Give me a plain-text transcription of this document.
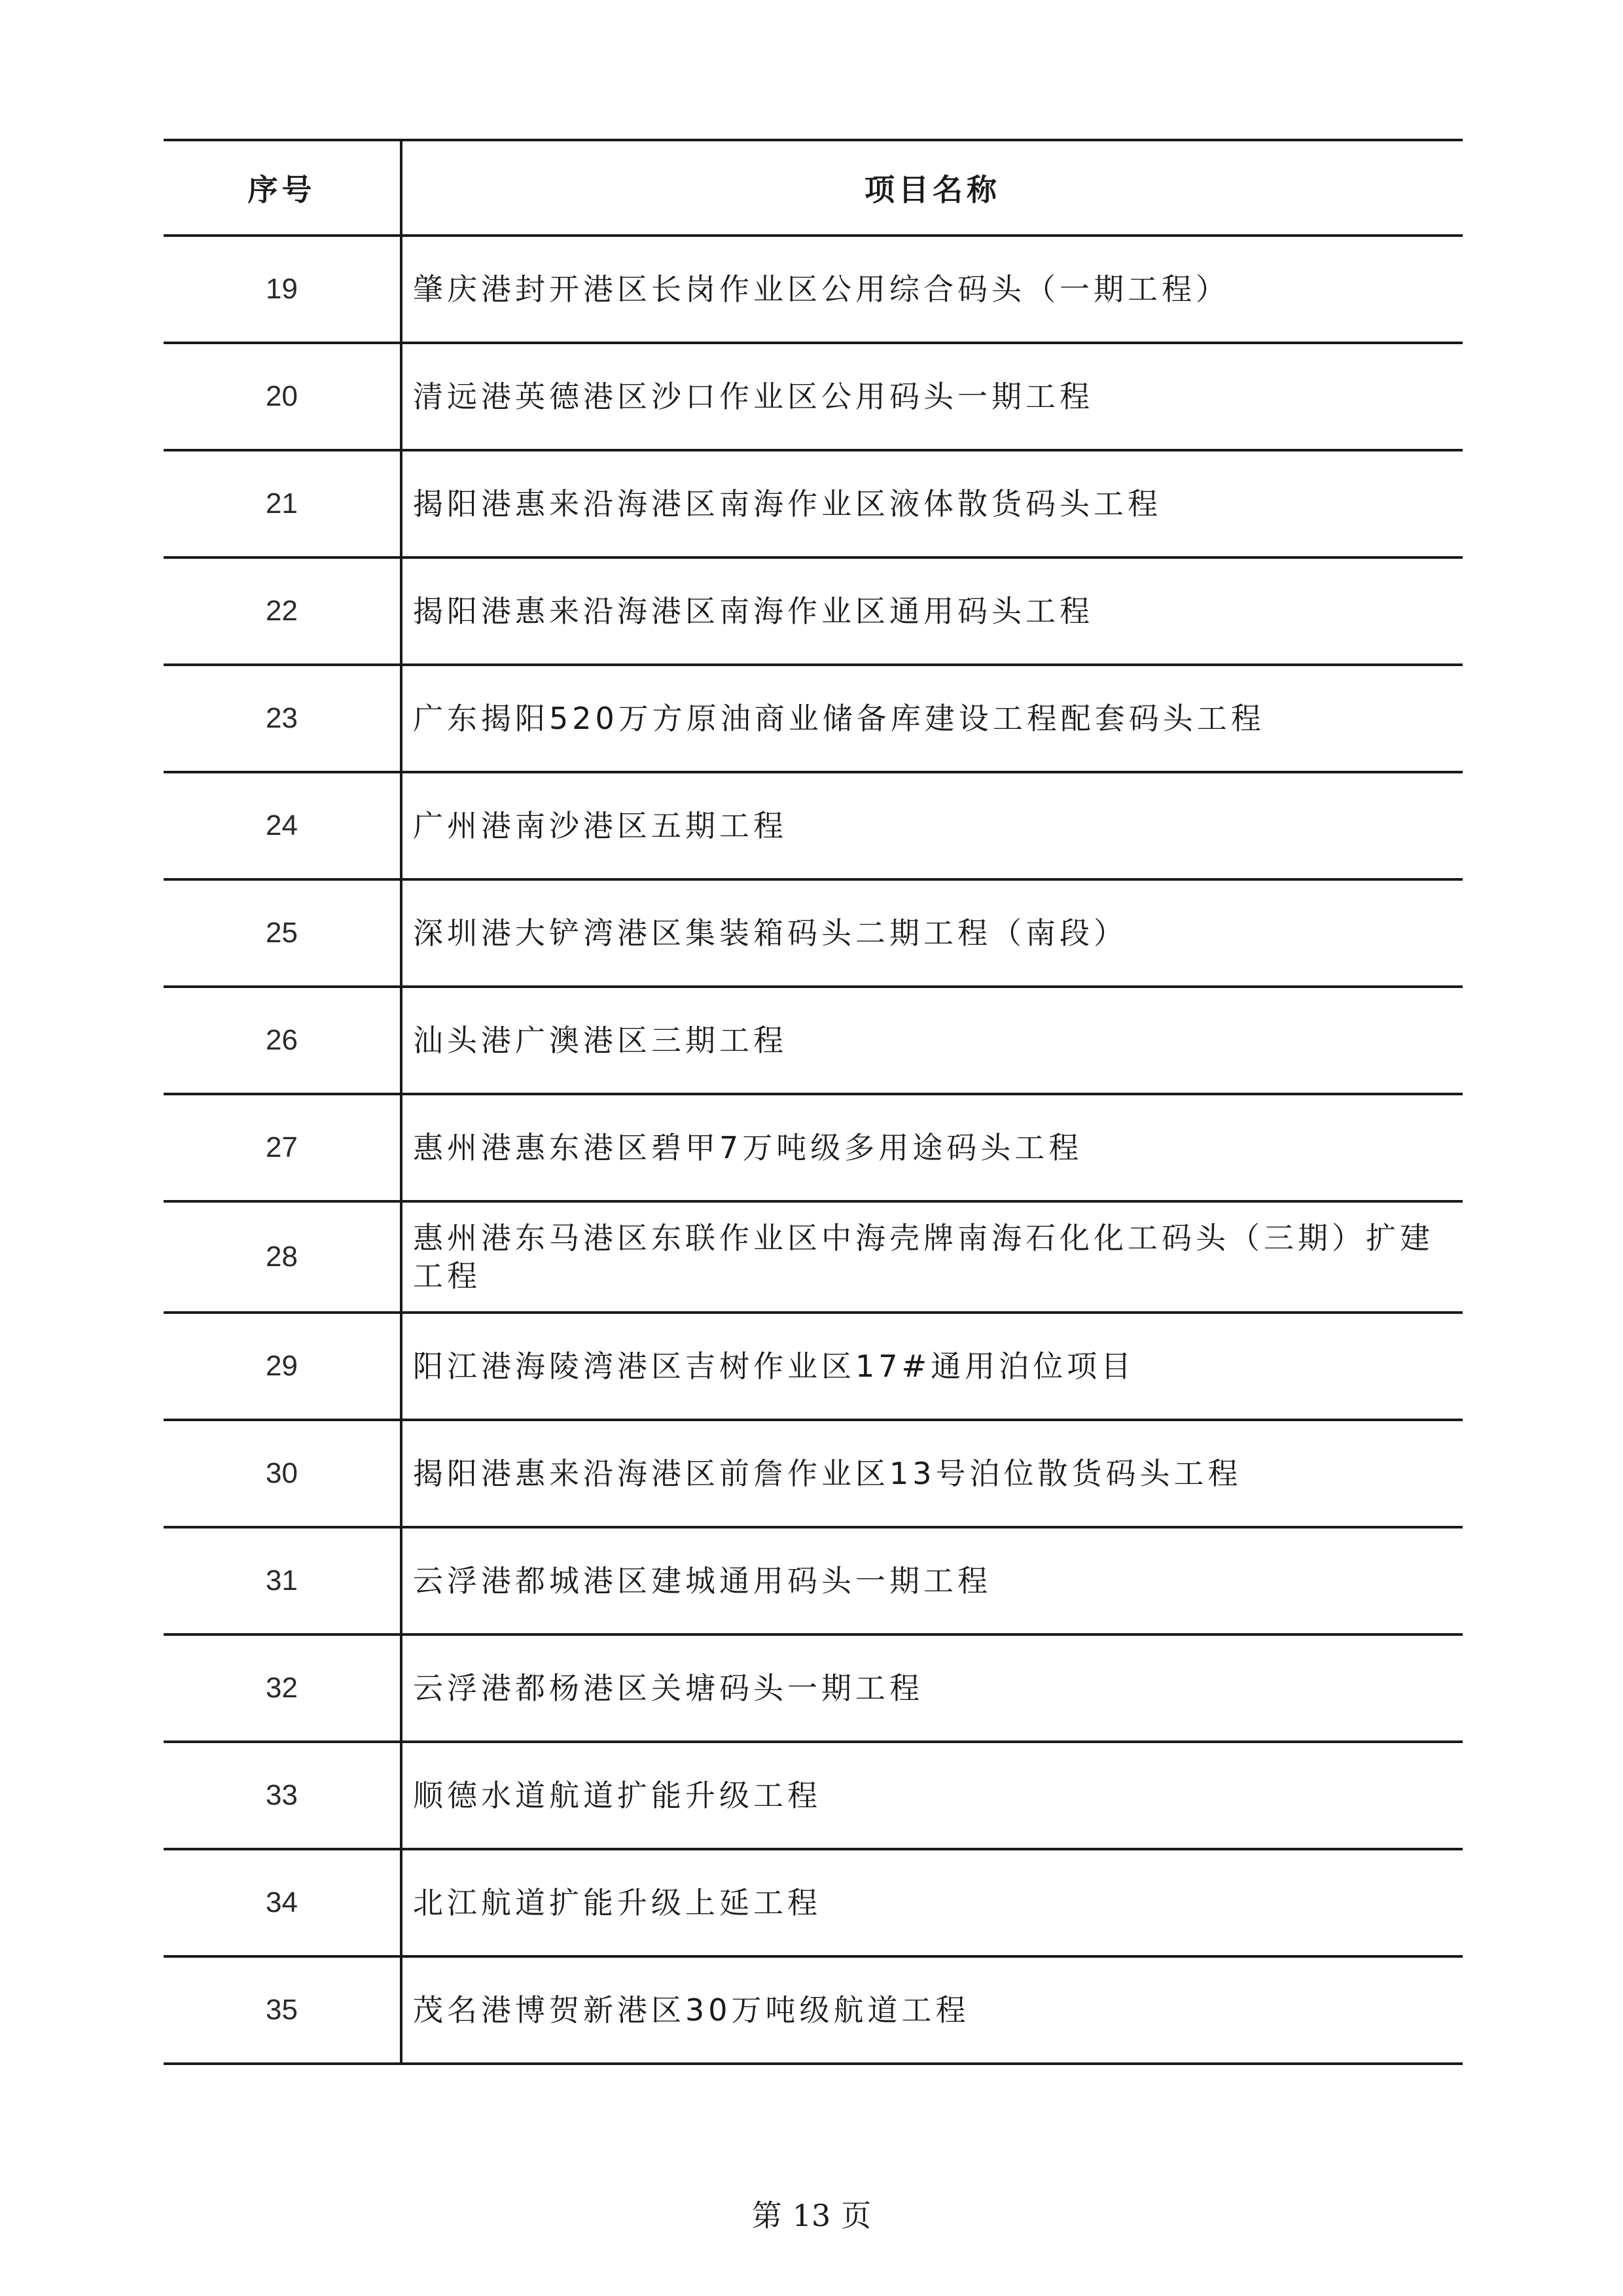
序号	项目名称
19	肇庆港封开港区长岗作业区公用综合码头（一期工程）
20	清远港英德港区沙口作业区公用码头一期工程
21	揭阳港惠来沿海港区南海作业区液体散货码头工程
22	揭阳港惠来沿海港区南海作业区通用码头工程
23	广东揭阳520万方原油商业储备库建设工程配套码头工程
24	广州港南沙港区五期工程
25	深圳港大铲湾港区集装箱码头二期工程（南段）
26	汕头港广澳港区三期工程
27	惠州港惠东港区碧甲7万吨级多用途码头工程
28	惠州港东马港区东联作业区中海壳牌南海石化化工码头（三期）扩建工程
29	阳江港海陵湾港区吉树作业区17#通用泊位项目
30	揭阳港惠来沿海港区前詹作业区13号泊位散货码头工程
31	云浮港都城港区建城通用码头一期工程
32	云浮港都杨港区关塘码头一期工程
33	顺德水道航道扩能升级工程
34	北江航道扩能升级上延工程
35	茂名港博贺新港区30万吨级航道工程
第 13 页
